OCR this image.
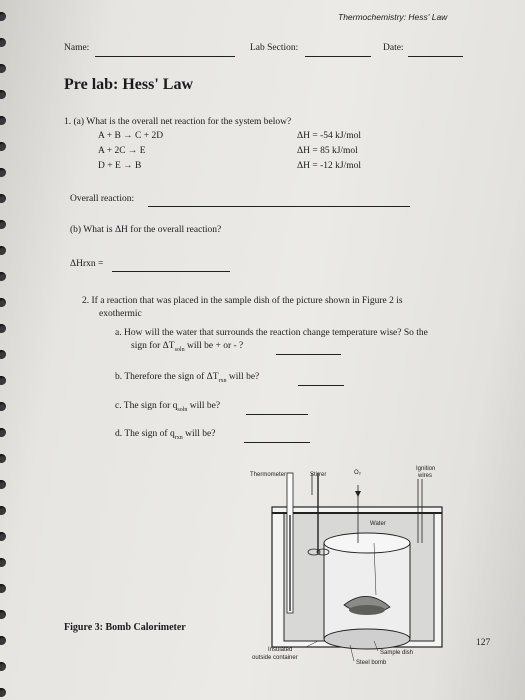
Thermochemistry: Hess' Law
Name:	Lab Section:	Date:
Pre lab: Hess' Law
1. (a) What is the overall net reaction for the system below?
A + B → C + 2D	ΔH = -54 kJ/mol
A + 2C → E	ΔH = 85 kJ/mol
D + E → B	ΔH = -12 kJ/mol
Overall reaction:
(b) What is ΔH for the overall reaction?
ΔHrxn =
2. If a reaction that was placed in the sample dish of the picture shown in Figure 2 is
exothermic
a. How will the water that surrounds the reaction change temperature wise? So the
sign for $\Delta T_{soln}$ will be + or - ?
b. Therefore the sign of $\Delta T_{rxn}$ will be?
c. The sign for $q_{soln}$ will be?
d. The sign of $q_{rxn}$ will be?
Thermometer	Stirrer	O₂
Ignition
wires
Water
Insulated
outside container
Sample dish
Steel bomb
Figure 3: Bomb Calorimeter
127
